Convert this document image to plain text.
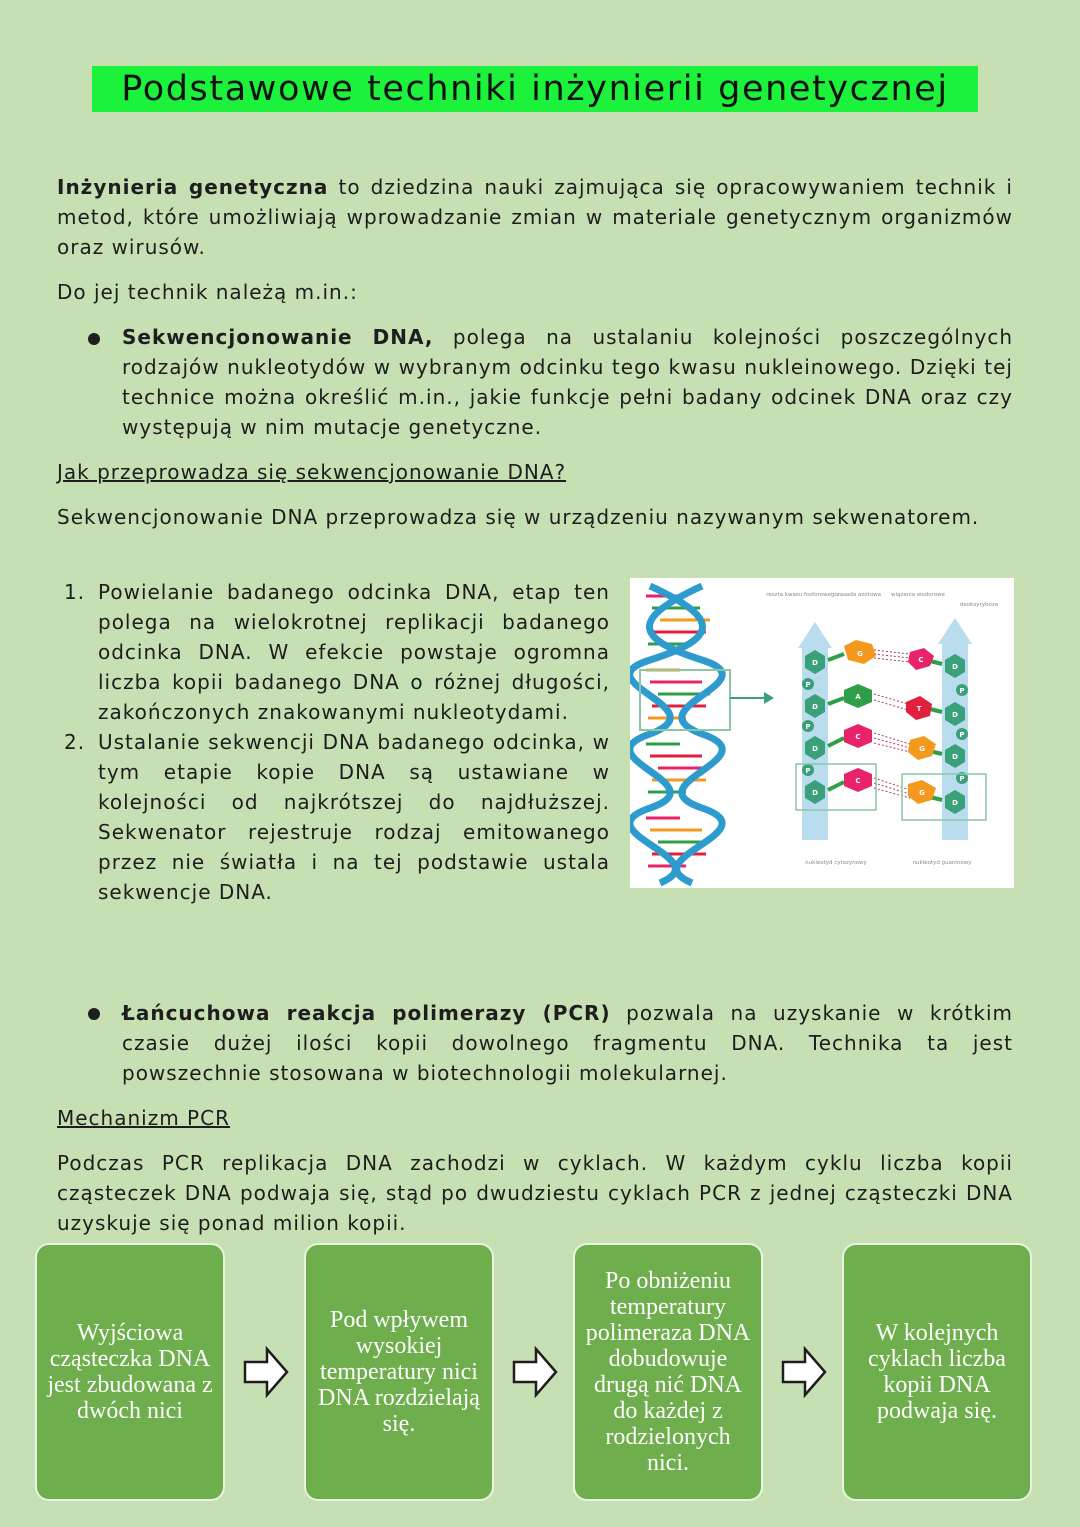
Podstawowe techniki inżynierii genetycznej
Inżynieria genetyczna to dziedzina nauki zajmująca się opracowywaniem technik i metod, które umożliwiają wprowadzanie zmian w materiale genetycznym organizmów oraz wirusów.
Do jej technik należą m.in.:
Sekwencjonowanie DNA, polega na ustalaniu kolejności poszczególnych rodzajów nukleotydów w wybranym odcinku tego kwasu nukleinowego. Dzięki tej technice można określić m.in., jakie funkcje pełni badany odcinek DNA oraz czy występują w nim mutacje genetyczne.
Jak przeprowadza się sekwencjonowanie DNA?
Sekwencjonowanie DNA przeprowadza się w urządzeniu nazywanym sekwenatorem.
1. Powielanie badanego odcinka DNA, etap ten polega na wielokrotnej replikacji badanego odcinka DNA. W efekcie powstaje ogromna liczba kopii badanego DNA o różnej długości, zakończonych znakowanymi nukleotydami.
2. Ustalanie sekwencji DNA badanego odcinka, w tym etapie kopie DNA są ustawiane w kolejności od najkrótszej do najdłuższej. Sekwenator rejestruje rodzaj emitowanego przez nie światła i na tej podstawie ustala sekwencje DNA.
reszta kwasu fosforowego zasada azotowa wiązania wodorowe
deoksyryboza
G
C
A
T
C
G
C
G
D
D
D
D
D
D
D
D
P
P
P
P
P
P
nukleotyd cytozynowy	nukleotyd guaninowy
Łańcuchowa reakcja polimerazy (PCR) pozwala na uzyskanie w krótkim czasie dużej ilości kopii dowolnego fragmentu DNA. Technika ta jest powszechnie stosowana w biotechnologii molekularnej.
Mechanizm PCR
Podczas PCR replikacja DNA zachodzi w cyklach. W każdym cyklu liczba kopii cząsteczek DNA podwaja się, stąd po dwudziestu cyklach PCR z jednej cząsteczki DNA uzyskuje się ponad milion kopii.
Wyjściowa cząsteczka DNA jest zbudowana z dwóch nici
Pod wpływem wysokiej temperatury nici DNA rozdzielają się.
Po obniżeniu temperatury polimeraza DNA dobudowuje drugą nić DNA do każdej z rodzielonych nici.
W kolejnych cyklach liczba kopii DNA podwaja się.
